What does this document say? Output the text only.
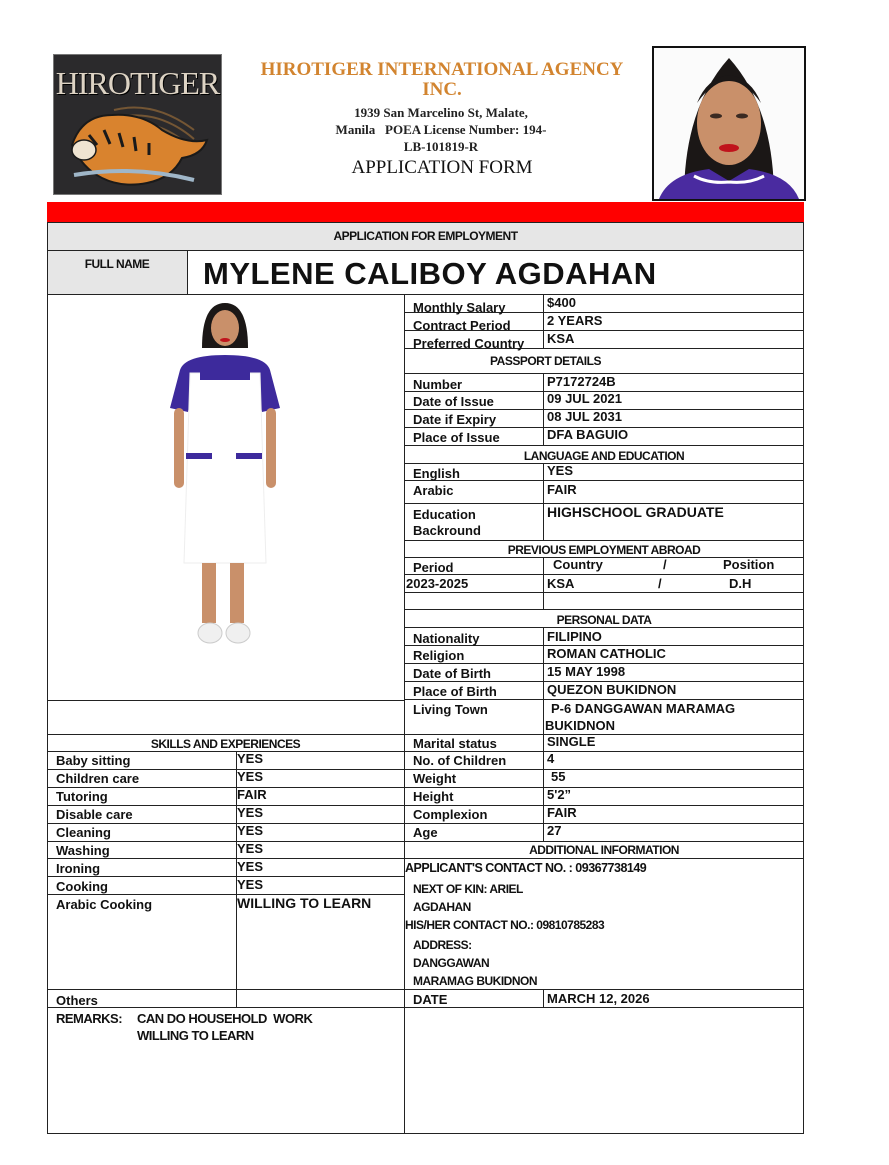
HIROTIGER	HIROTIGER INTERNATIONAL AGENCY
INC.
1939 San Marcelino St, Malate,
Manila   POEA License Number: 194-
LB-101819-R
APPLICATION FORM
APPLICATION FOR EMPLOYMENT
FULL NAME	MYLENE CALIBOY AGDAHAN
Monthly Salary	$400
Contract Period	2 YEARS
Preferred Country KSA
PASSPORT DETAILS
Number	P7172724B
Date of Issue	09 JUL 2021
Date if Expiry	08 JUL 2031
Place of Issue	DFA BAGUIO
LANGUAGE AND EDUCATION
English	YES
Arabic	FAIR
Education
Backround
HIGHSCHOOL GRADUATE
PREVIOUS EMPLOYMENT ABROAD
Period	Country	/	Position
2023-2025	KSA	/	D.H
PERSONAL DATA
Nationality	FILIPINO
Religion	ROMAN CATHOLIC
Date of Birth	15 MAY 1998
Place of Birth	QUEZON BUKIDNON
Living Town	P-6 DANGGAWAN MARAMAG
BUKIDNON
Marital status	SINGLE
No. of Children	4
Weight	55
Height	5'2”
Complexion	FAIR
Age	27
ADDITIONAL INFORMATION
APPLICANT'S CONTACT NO. : 09367738149
NEXT OF KIN: ARIEL
AGDAHAN
HIS/HER CONTACT NO.: 09810785283
ADDRESS:
DANGGAWAN
MARAMAG BUKIDNON
DATE	MARCH 12, 2026
SKILLS AND EXPERIENCES
Baby sitting	YES
Children care	YES
Tutoring	FAIR
Disable care	YES
Cleaning	YES
Washing	YES
Ironing	YES
Cooking	YES
Arabic Cooking	WILLING TO LEARN
Others
REMARKS: CAN DO HOUSEHOLD  WORK
WILLING TO LEARN
